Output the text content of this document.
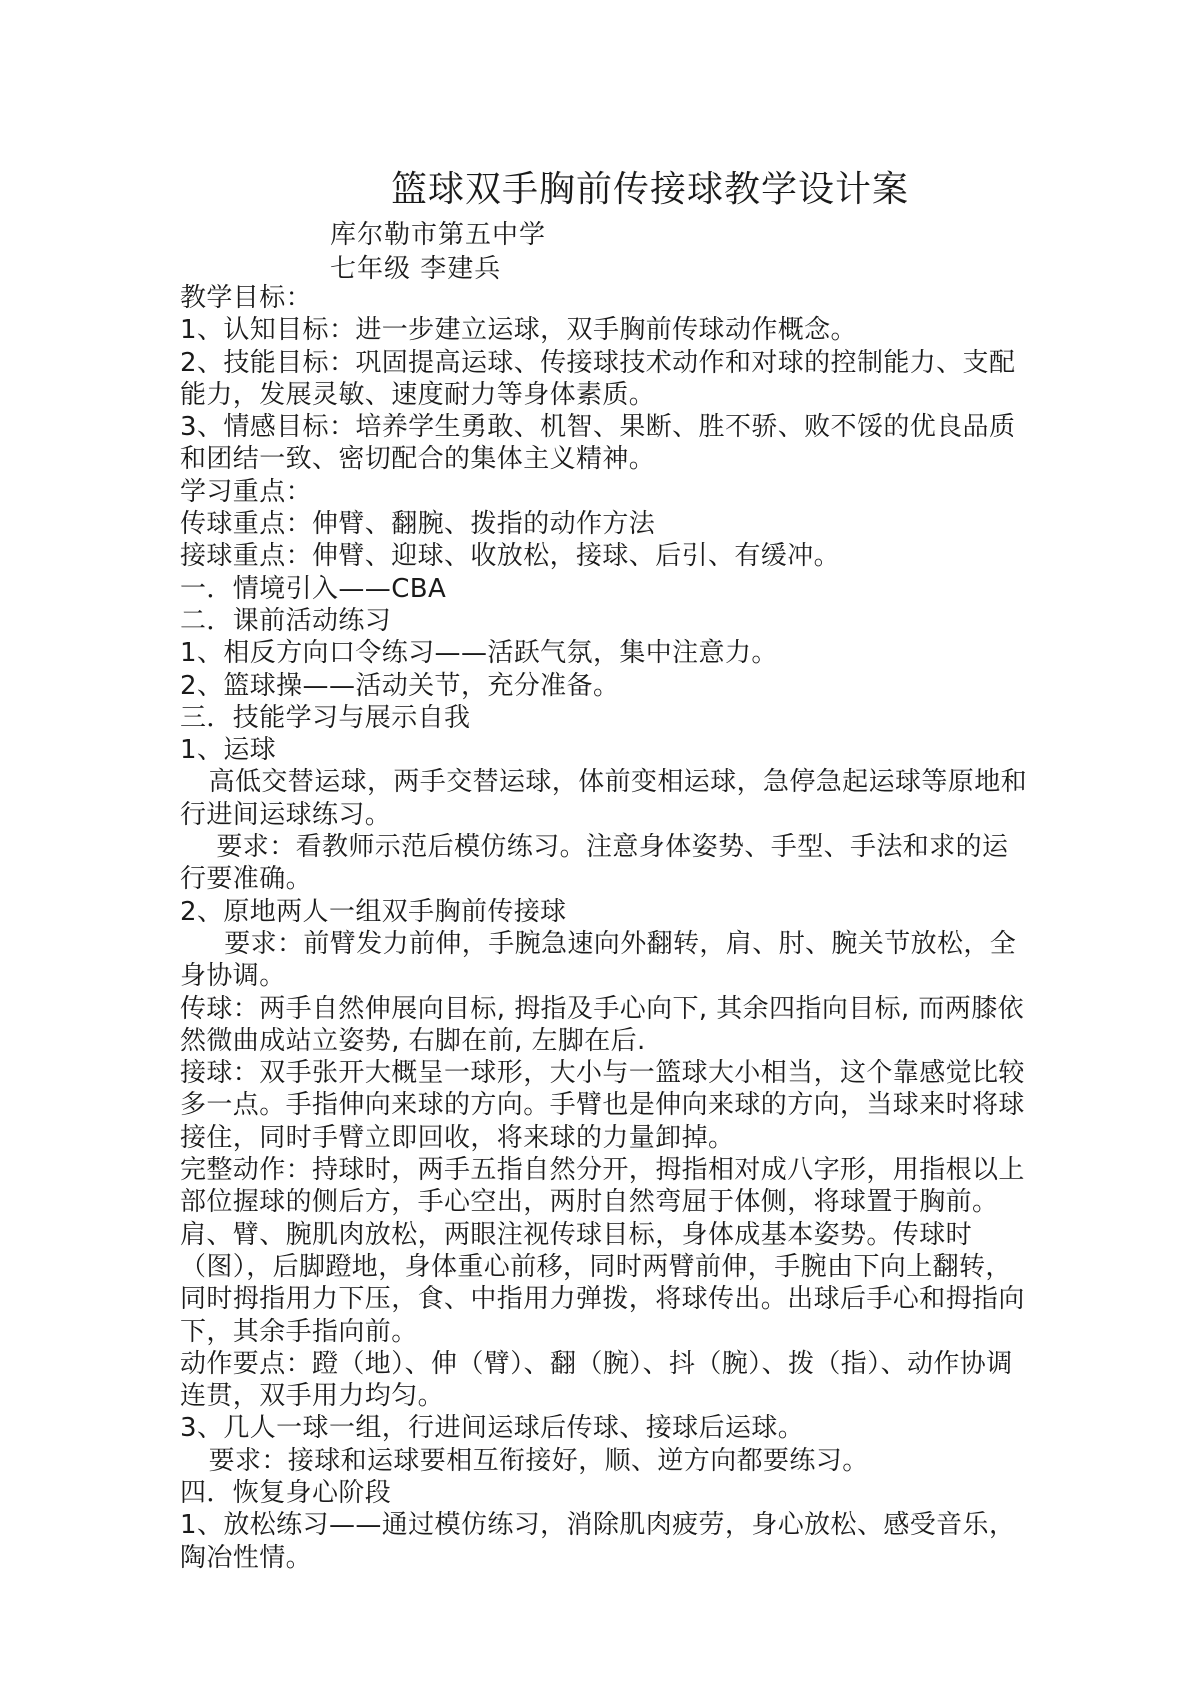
篮球双手胸前传接球教学设计案
库尔勒市第五中学
七年级 李建兵

教学目标：

1、认知目标：进一步建立运球，双手胸前传球动作概念。

2、技能目标：巩固提高运球、传接球技术动作和对球的控制能力、支配能力，发展灵敏、速度耐力等身体素质。

3、情感目标：培养学生勇敢、机智、果断、胜不骄、败不馁的优良品质和团结一致、密切配合的集体主义精神。

学习重点：

传球重点：伸臂、翻腕、拨指的动作方法

接球重点：伸臂、迎球、收放松，接球、后引、有缓冲。

一．情境引入——CBA

二．课前活动练习

1、相反方向口令练习——活跃气氛，集中注意力。

2、篮球操——活动关节，充分准备。

三．技能学习与展示自我

1、运球

高低交替运球，两手交替运球，体前变相运球，急停急起运球等原地和行进间运球练习。

要求：看教师示范后模仿练习。注意身体姿势、手型、手法和求的运行要准确。

2、原地两人一组双手胸前传接球

要求：前臂发力前伸，手腕急速向外翻转，肩、肘、腕关节放松，全身协调。

传球：两手自然伸展向目标, 拇指及手心向下, 其余四指向目标, 而两膝依然微曲成站立姿势, 右脚在前, 左脚在后.

接球：双手张开大概呈一球形，大小与一篮球大小相当，这个靠感觉比较多一点。手指伸向来球的方向。手臂也是伸向来球的方向，当球来时将球接住，同时手臂立即回收，将来球的力量卸掉。

完整动作：持球时，两手五指自然分开，拇指相对成八字形，用指根以上部位握球的侧后方，手心空出，两肘自然弯屈于体侧，将球置于胸前。肩、臂、腕肌肉放松，两眼注视传球目标，身体成基本姿势。传球时（图），后脚蹬地，身体重心前移，同时两臂前伸，手腕由下向上翻转，同时拇指用力下压，食、中指用力弹拨，将球传出。出球后手心和拇指向下，其余手指向前。

动作要点：蹬（地）、伸（臂）、翻（腕）、抖（腕）、拨（指）、动作协调连贯，双手用力均匀。

3、几人一球一组，行进间运球后传球、接球后运球。

要求：接球和运球要相互衔接好，顺、逆方向都要练习。

四．恢复身心阶段

1、放松练习——通过模仿练习，消除肌肉疲劳，身心放松、感受音乐，陶冶性情。
